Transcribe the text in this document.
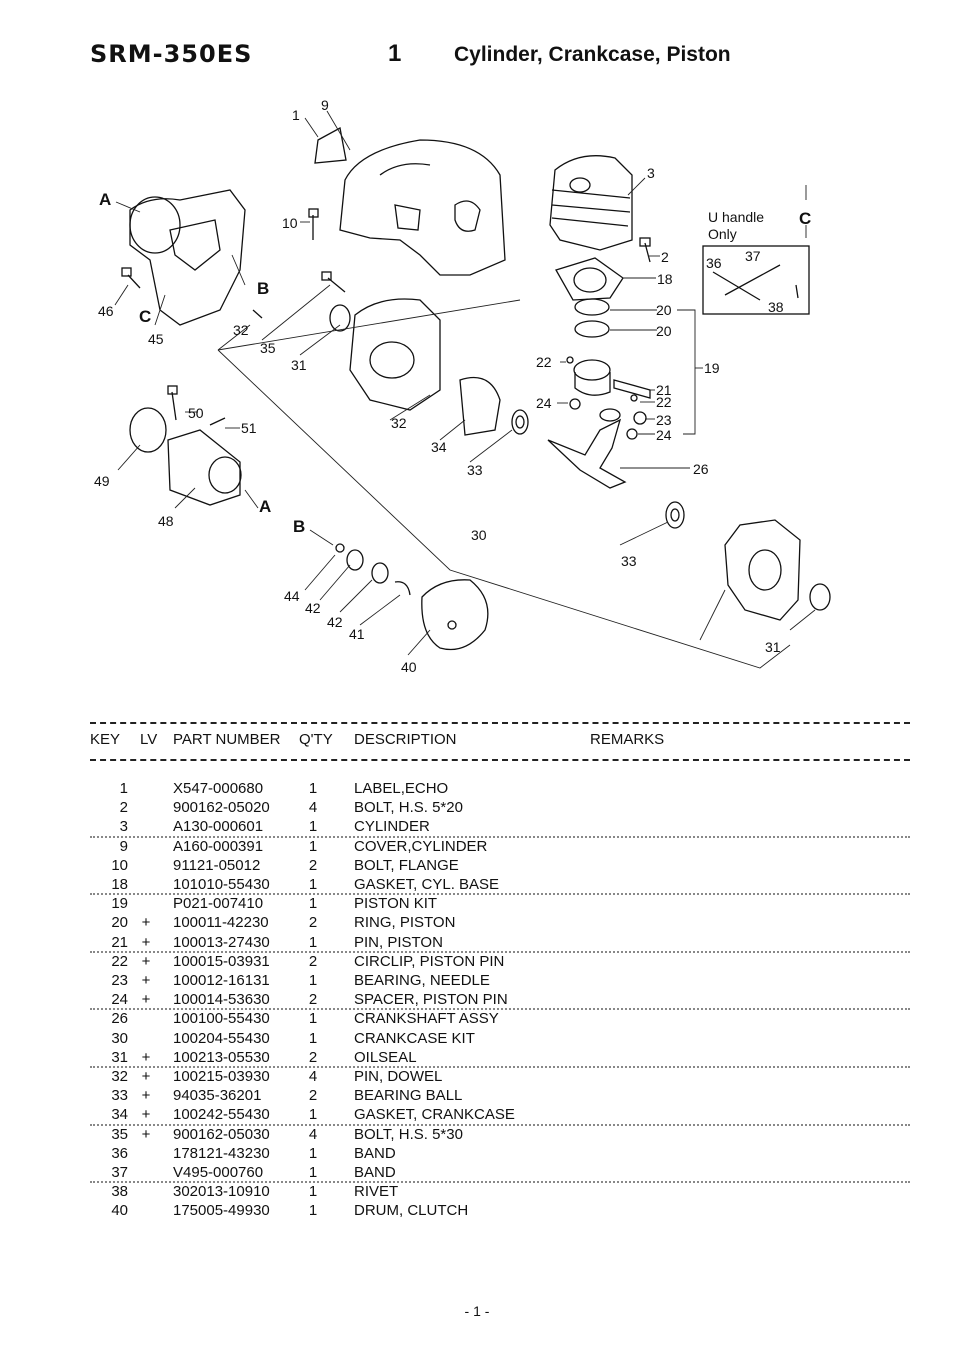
SRM-350ES	1	Cylinder, Crankcase, Piston
1
9
3
10
2
18
20
20
19
22
21
22
24
23
24
26
46
45
32
35
31
32
34
33
30
33
31
50
51
49
48
44
42
42
41
40
A
B
C
A
B
C
U handle
Only
36 37
38
KEY LV PART NUMBER Q'TY DESCRIPTION	REMARKS
1	X547-000680	1	LABEL,ECHO
2	900162-05020	4	BOLT, H.S. 5*20
3	A130-000601	1	CYLINDER
9	A160-000391	1	COVER,CYLINDER
10	91121-05012	2	BOLT, FLANGE
18	101010-55430	1	GASKET, CYL. BASE
19	P021-007410	1	PISTON KIT
20 + 100011-42230	2	RING, PISTON
21 + 100013-27430	1	PIN, PISTON
22 + 100015-03931	2	CIRCLIP, PISTON PIN
23 + 100012-16131	1	BEARING, NEEDLE
24 + 100014-53630	2	SPACER, PISTON PIN
26	100100-55430	1	CRANKSHAFT ASSY
30	100204-55430	1	CRANKCASE KIT
31 + 100213-05530	2	OILSEAL
32 + 100215-03930	4	PIN, DOWEL
33 + 94035-36201	2	BEARING BALL
34 + 100242-55430	1	GASKET, CRANKCASE
35 + 900162-05030	4	BOLT, H.S. 5*30
36	178121-43230	1	BAND
37	V495-000760	1	BAND
38	302013-10910	1	RIVET
40	175005-49930	1	DRUM, CLUTCH
- 1 -
